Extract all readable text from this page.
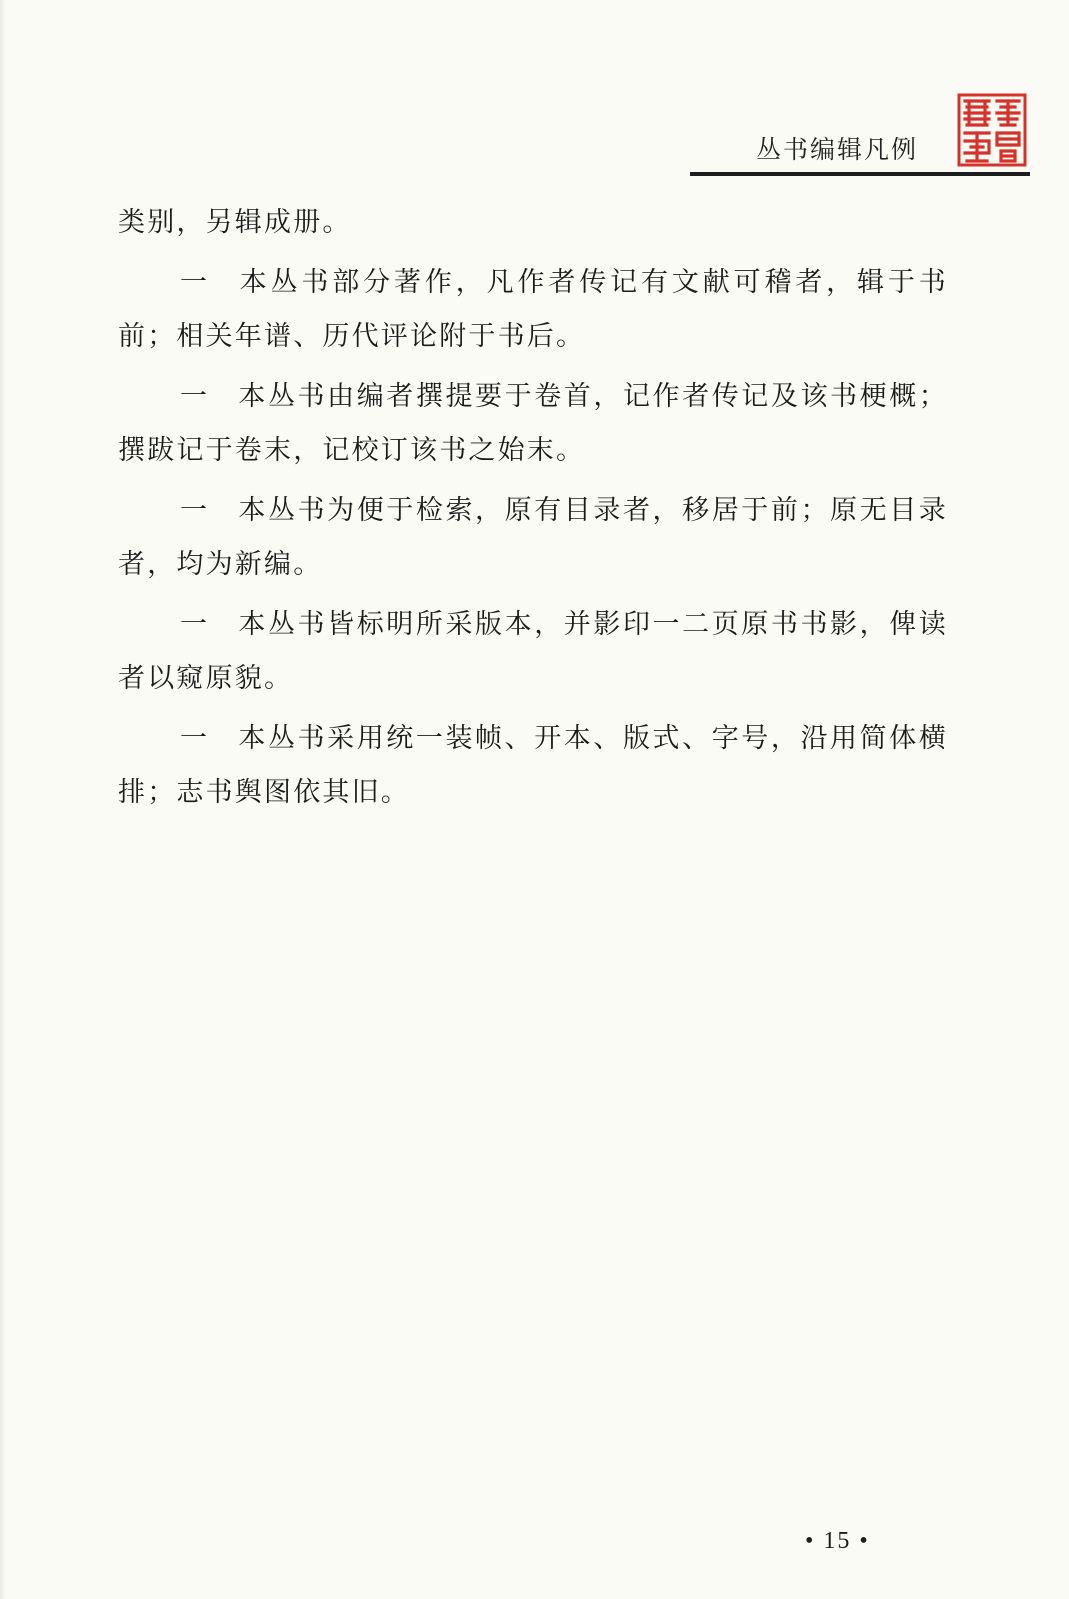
丛书编辑凡例

类别，另辑成册。

一 本丛书部分著作，凡作者传记有文献可稽者，辑于书前；相关年谱、历代评论附于书后。

一 本丛书由编者撰提要于卷首，记作者传记及该书梗概；撰跋记于卷末，记校订该书之始末。

一 本丛书为便于检索，原有目录者，移居于前；原无目录者，均为新编。

一 本丛书皆标明所采版本，并影印一二页原书书影，俾读者以窥原貌。

一 本丛书采用统一装帧、开本、版式、字号，沿用简体横排；志书舆图依其旧。

• 15 •
